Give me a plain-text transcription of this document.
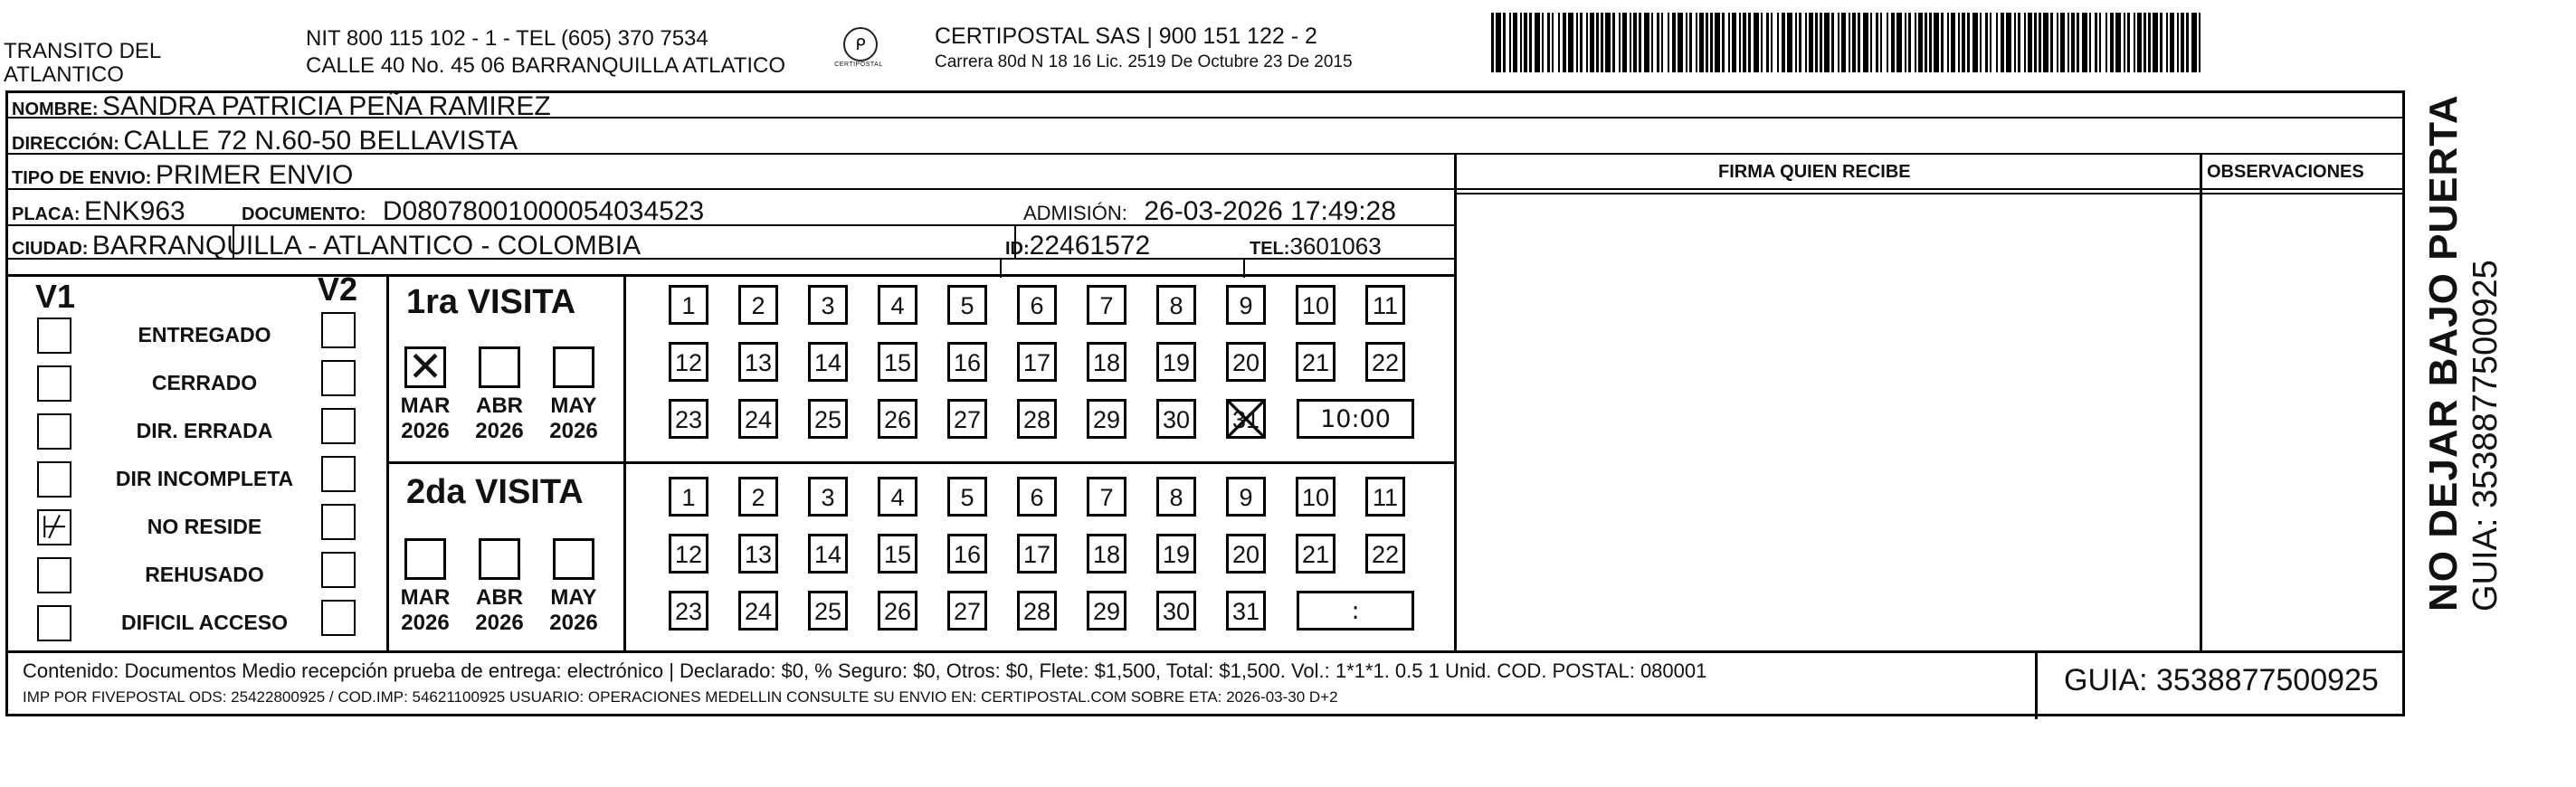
TRANSITO DEL
ATLANTICO
NIT 800 115 102 - 1 - TEL (605) 370 7534
CALLE 40 No. 45 06 BARRANQUILLA ATLATICO
ᑭ
CERTIPOSTAL
CERTIPOSTAL SAS | 900 151 122 - 2
Carrera 80d N 18 16 Lic. 2519 De Octubre 23 De 2015
NOMBRE: SANDRA PATRICIA PEÑA RAMIREZ
DIRECCIÓN: CALLE 72 N.60-50 BELLAVISTA
TIPO DE ENVIO: PRIMER ENVIO	FIRMA QUIEN RECIBE	OBSERVACIONES
PLACA: ENK963	DOCUMENTO: D080780010000540345​23	ADMISIÓN: 26-03-2026 17:49:28
CIUDAD: BARRANQUILLA - ATLANTICO - COLOMBIA	ID:22461572	TEL:3601063
V1	V2
ENTREGADO
CERRADO
DIR. ERRADA
DIR INCOMPLETA
⊬	NO RESIDE
REHUSADO
DIFICIL ACCESO
1ra VISITA
✕
MAR
2026
ABR
2026
MAY
2026
1	2	3	4	5	6	7	8	9	10 11
12 13 14 15 16 17 18 19 20 21 22
23 24 25 26 27 28 29 30 31	10:00
2da VISITA
MAR
2026
ABR
2026
MAY
2026
1	2	3	4	5	6	7	8	9	10 11
12 13 14 15 16 17 18 19 20 21 22
23 24 25 26 27 28 29 30 31	:
Contenido: Documentos Medio recepción prueba de entrega: electrónico | Declarado: $0, % Seguro: $0, Otros: $0, Flete: $1,500, Total: $1,500. Vol.: 1*1*1. 0.5 1 Unid. COD. POSTAL: 080001
IMP POR FIVEPOSTAL ODS: 25422800925 / COD.IMP: 54621100925 USUARIO: OPERACIONES MEDELLIN CONSULTE SU ENVIO EN: CERTIPOSTAL.COM SOBRE ETA: 2026-03-30 D+2	GUIA: 3538877500925
NO DEJAR BAJO PUERTA GUIA: 3538877500925
